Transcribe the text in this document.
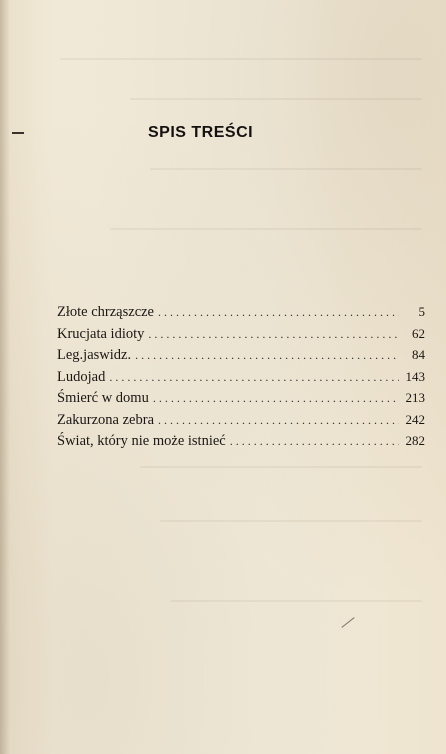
SPIS TREŚCI
Złote chrząszcze . . .	5
Krucjata idioty . . .	62
Leg.jaswidz. . . .	84
Ludojad . . .	143
Śmierć w domu . . .	213
Zakurzona zebra . . .	242
Świat, który nie może istnieć . . .	282
